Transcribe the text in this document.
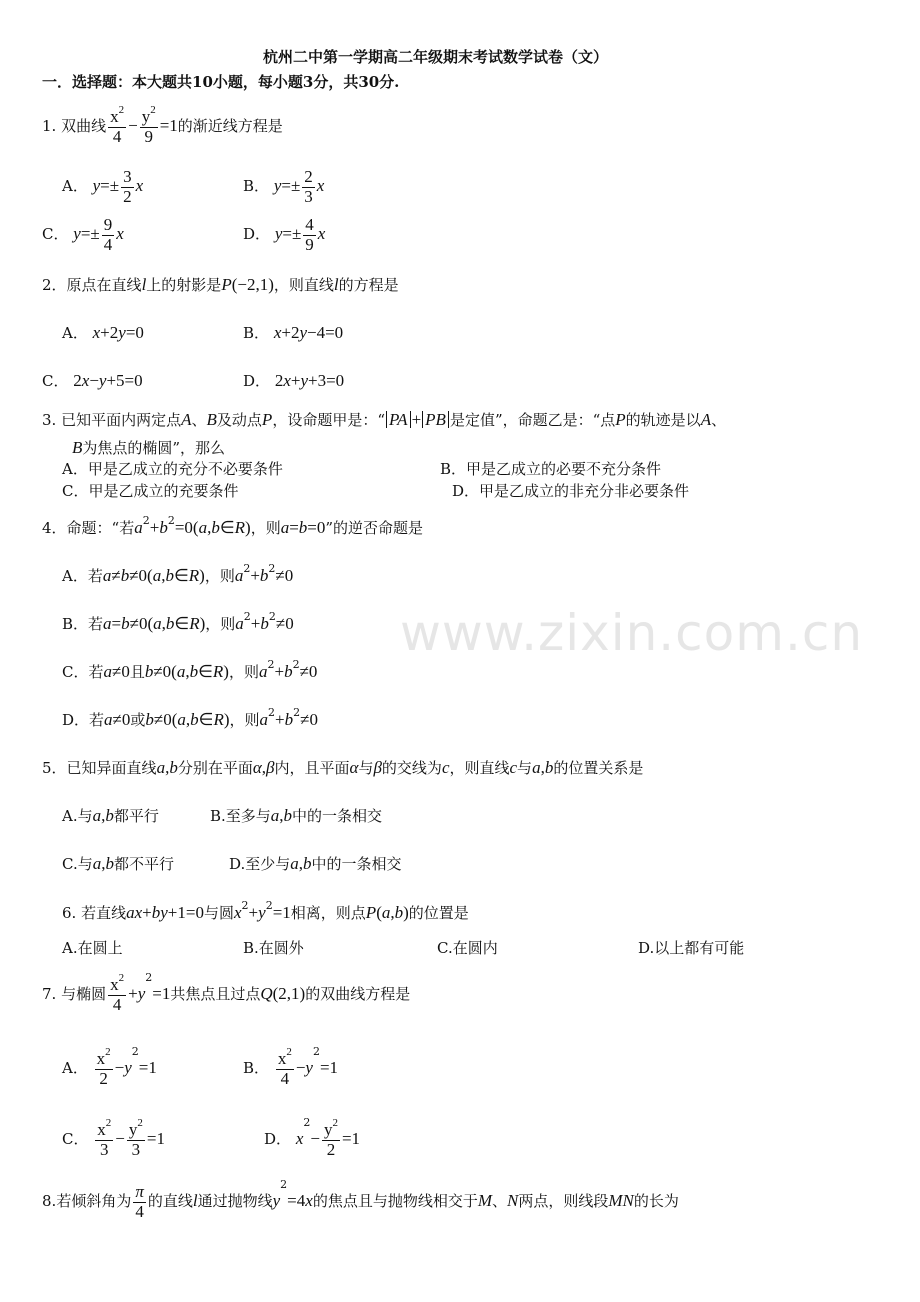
www.zixin.com.cn
杭州二中第一学期高二年级期末考试数学试卷（文）
一．选择题：本大题共10小题，每小题3分，共30分.
1. 双曲线 $\frac{x^2}{4} - \frac{y^2}{9} =1$的渐近线方程是
A． $y=\pm \frac{3}{2}$ x	B． $y=\pm \frac{2}{3}$ x
C． $y=\pm \frac{9}{4}$ x	D． $y=\pm \frac{4}{9}$ x
2．原点在直线l上的射影是P(−2,1)，则直线l的方程是
A． x+2y=0	B． x+2y−4=0
C． 2x−y+5=0	D． 2x+y+3=0
3. 已知平面内两定点A、B及动点P，设命题甲是：“ PA + PB 是定值”，命题乙是：“点P的轨迹是以A、
B为焦点的椭圆”，那么
A．甲是乙成立的充分不必要条件	B．甲是乙成立的必要不充分条件
C．甲是乙成立的充要条件	D．甲是乙成立的非充分非必要条件
4．命题：“若$a^2+b^2=0(a,b\in R)$，则a=b=0”的逆否命题是
A．若a≠b≠0(a,b∈R)，则$a^2+b^2\ne 0$
B．若a=b≠0(a,b∈R)，则$a^2+b^2\ne 0$
C．若a≠0且b≠0(a,b∈R)，则$a^2+b^2\ne 0$
D．若a≠0或b≠0(a,b∈R)，则$a^2+b^2\ne 0$
5．已知异面直线a,b分别在平面α,β内，且平面α与β的交线为c，则直线c与a,b的位置关系是
A.与a,b都平行	B.至多与a,b中的一条相交
C.与a,b都不平行	D.至少与a,b中的一条相交
6. 若直线ax+by+1=0与圆$x^2+y^2=1$相离，则点P(a,b)的位置是
A.在圆上	B.在圆外	C.在圆内	D.以上都有可能
7. 与椭圆 $\frac{x^2}{4} +y^2=1$共焦点且过点Q(2,1)的双曲线方程是
A． $\frac{x^2}{2} -y^2=1$	B． $\frac{x^2}{4} -y^2=1$
C． $\frac{x^2}{3} - \frac{y^2}{3} =1$	D． $x^2- \frac{y^2}{2} =1$
8.若倾斜角为 $\frac{\pi}{4}$ 的直线l通过抛物线$y^2=4x$的焦点且与抛物线相交于M、N两点，则线段MN的长为
